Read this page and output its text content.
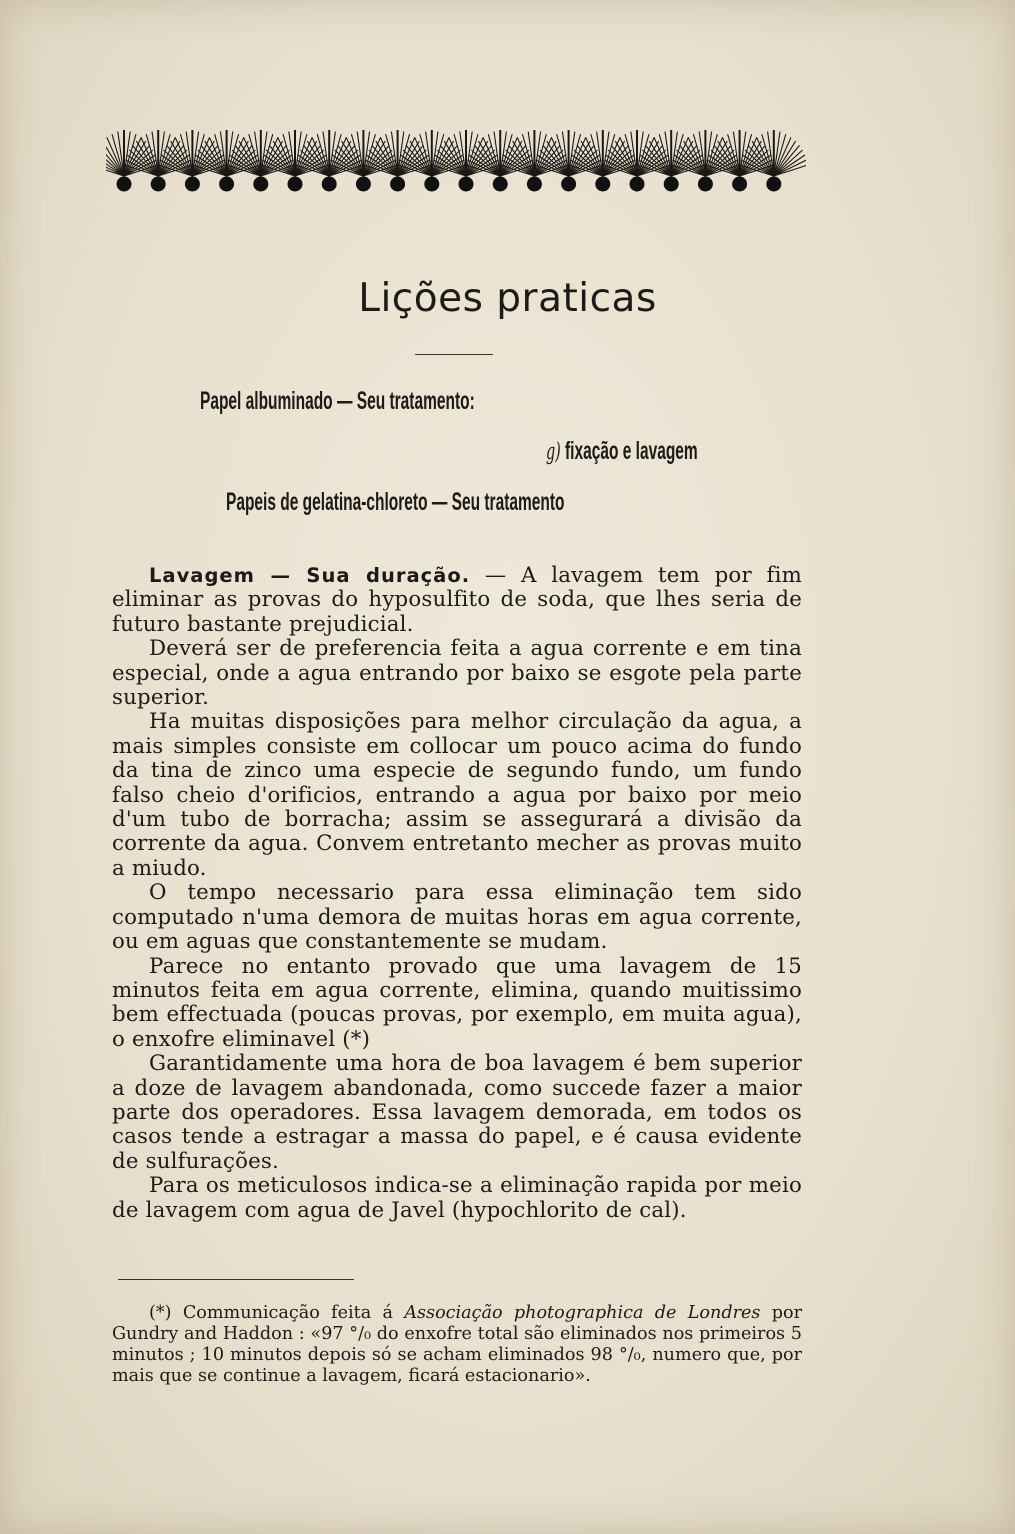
Lições praticas
Papel albuminado — Seu tratamento:
g) fixação e lavagem
Papeis de gelatina-chloreto — Seu tratamento

Lavagem — Sua duração. — A lavagem tem por fim eliminar as provas do hyposulfito de soda, que lhes seria de futuro bastante prejudicial.

Deverá ser de preferencia feita a agua corrente e em tina especial, onde a agua entrando por baixo se esgote pela parte superior.

Ha muitas disposições para melhor circulação da agua, a mais simples consiste em collocar um pouco acima do fundo da tina de zinco uma especie de segundo fundo, um fundo falso cheio d'orificios, entrando a agua por baixo por meio d'um tubo de borracha; assim se assegurará a divisão da corrente da agua. Convem entretanto mecher as provas muito a miudo.

O tempo necessario para essa eliminação tem sido computado n'uma demora de muitas horas em agua corrente, ou em aguas que constantemente se mudam.

Parece no entanto provado que uma lavagem de 15 minutos feita em agua corrente, elimina, quando muitissimo bem effectuada (poucas provas, por exemplo, em muita agua), o enxofre eliminavel (*)

Garantidamente uma hora de boa lavagem é bem superior a doze de lavagem abandonada, como succede fazer a maior parte dos operadores. Essa lavagem demorada, em todos os casos tende a estragar a massa do papel, e é causa evidente de sulfurações.

Para os meticulosos indica-se a eliminação rapida por meio de lavagem com agua de Javel (hypochlorito de cal).

(*) Communicação feita á Associação photographica de Londres por Gundry and Haddon : «97 °/₀ do enxofre total são eliminados nos primeiros 5 minutos ; 10 minutos depois só se acham eliminados 98 °/₀, numero que, por mais que se continue a lavagem, ficará estacionario».
